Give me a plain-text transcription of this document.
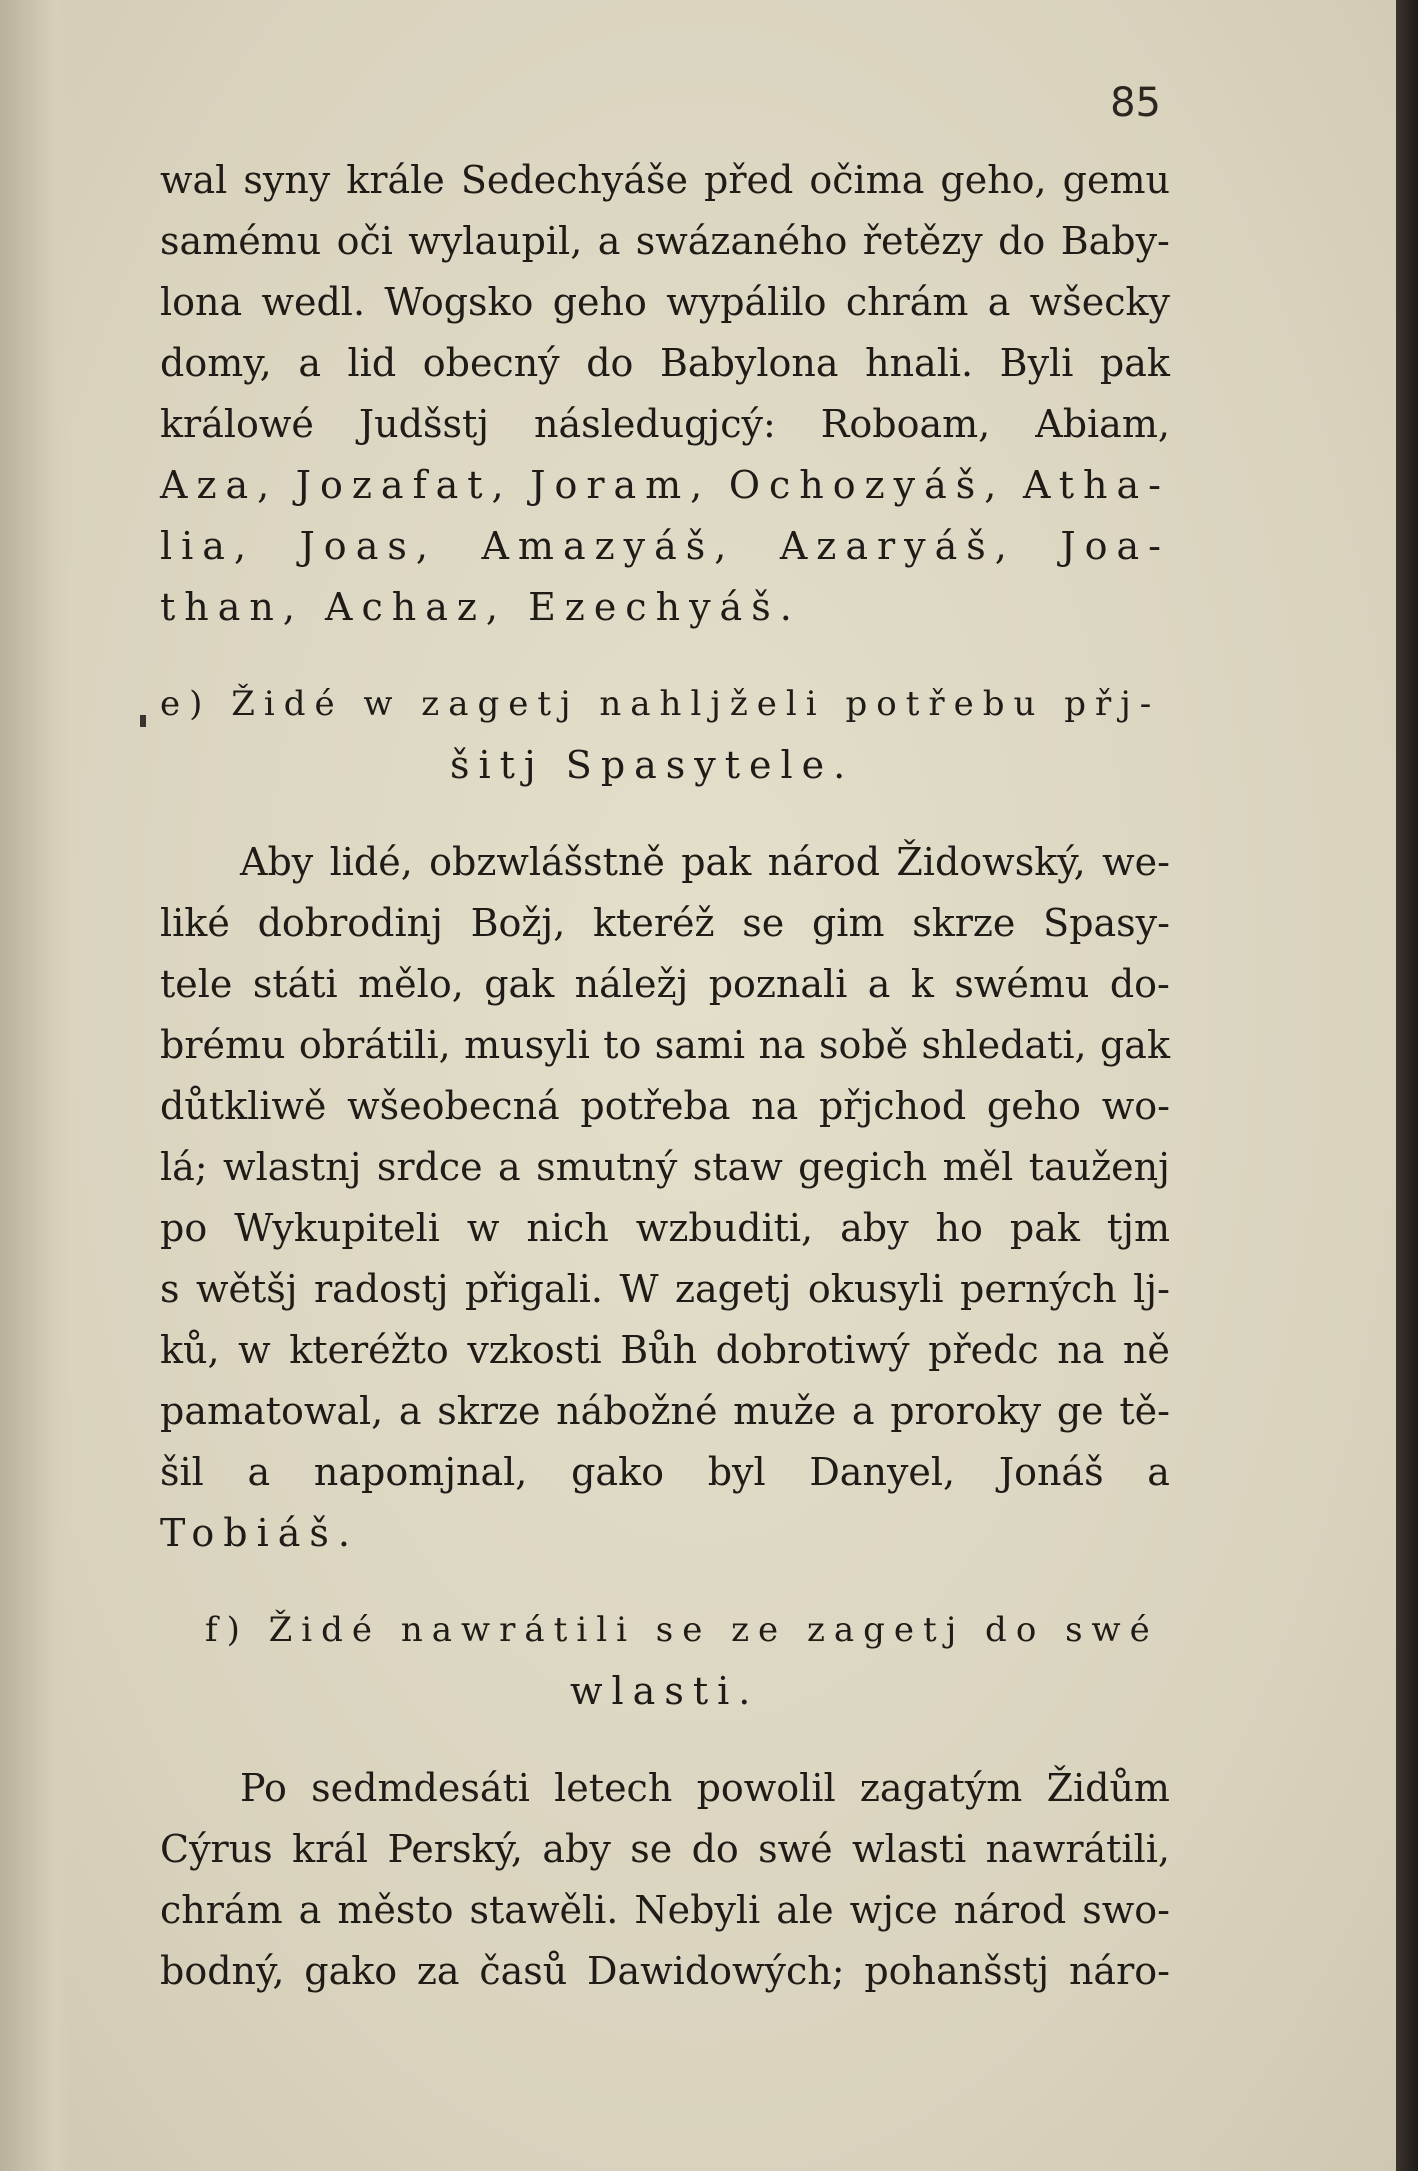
85
wal syny krále Sedechyáše před očima geho, gemu
samému oči wylaupil, a swázaného řetězy do Baby-
lona wedl. Wogsko geho wypálilo chrám a wšecky
domy, a lid obecný do Babylona hnali. Byli pak
králowé Judšstj následugjcý: Roboam, Abiam,
Aza, Jozafat, Joram, Ochozyáš, Atha-
lia, Joas, Amazyáš, Azaryáš, Joa-
than, Achaz, Ezechyáš.
e) Židé w zagetj nahljželi potřebu přj-
šitj Spasytele.
Aby lidé, obzwlášstně pak národ Židowský, we-
liké dobrodinj Božj, kteréž se gim skrze Spasy-
tele státi mělo, gak náležj poznali a k swému do-
brému obrátili, musyli to sami na sobě shledati, gak
důtkliwě wšeobecná potřeba na přjchod geho wo-
lá; wlastnj srdce a smutný staw gegich měl tauženj
po Wykupiteli w nich wzbuditi, aby ho pak tjm
s wětšj radostj přigali. W zagetj okusyli perných lj-
ků, w kteréžto vzkosti Bůh dobrotiwý předc na ně
pamatowal, a skrze nábožné muže a proroky ge tě-
šil a napomjnal, gako byl Danyel, Jonáš a
Tobiáš.
f) Židé nawrátili se ze zagetj do swé
wlasti.
Po sedmdesáti letech powolil zagatým Židům
Cýrus král Perský, aby se do swé wlasti nawrátili,
chrám a město stawěli. Nebyli ale wjce národ swo-
bodný, gako za časů Dawidowých; pohanšstj náro-
